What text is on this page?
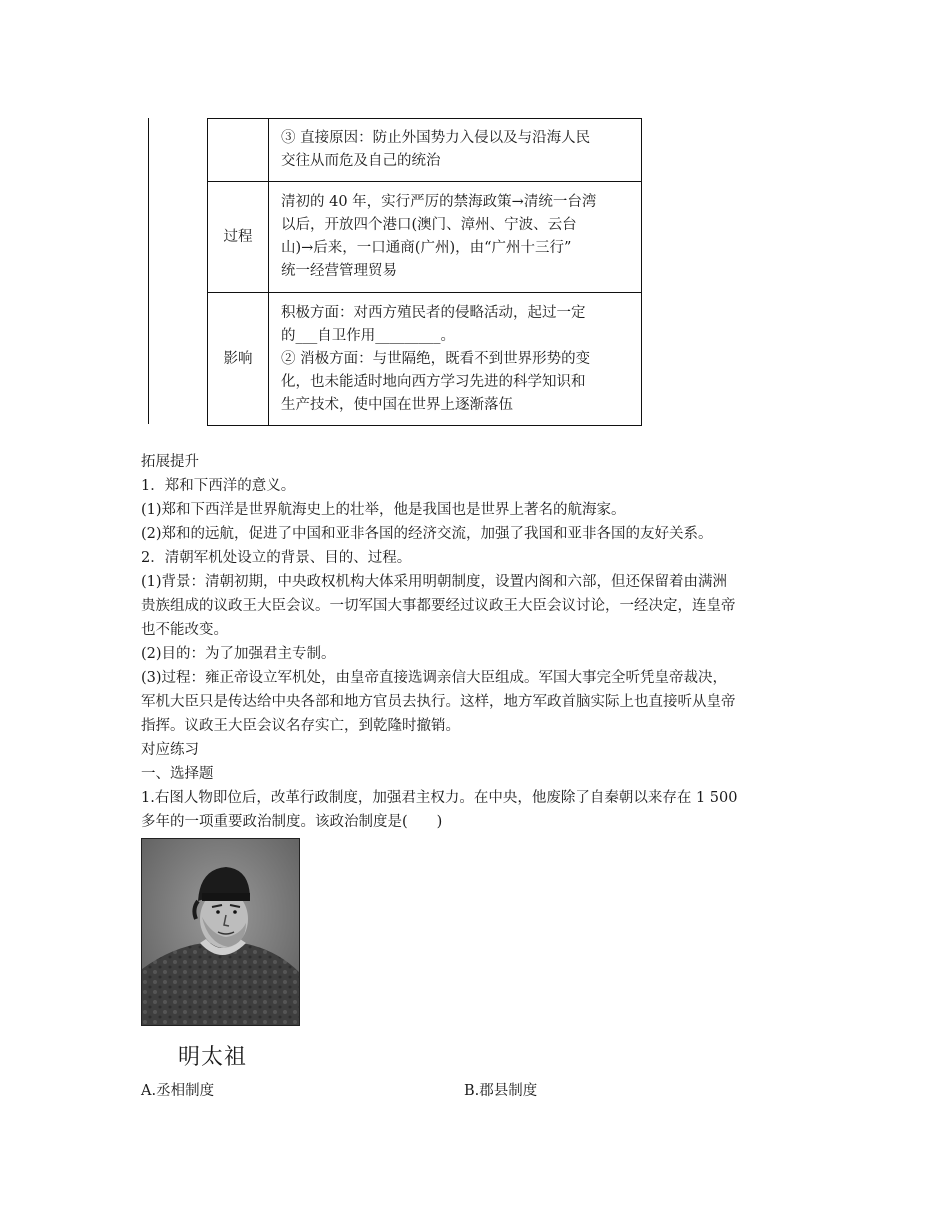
	③ 直接原因：防止外国势力入侵以及与沿海人民
交往从而危及自己的统治

过程	清初的 40 年，实行严厉的禁海政策→清统一台湾
以后，开放四个港口(澳门、漳州、宁波、云台
山)→后来，一口通商(广州)，由“广州十三行”
统一经营管理贸易

影响	积极方面：对西方殖民者的侵略活动，起过一定
的___自卫作用_________。
② 消极方面：与世隔绝，既看不到世界形势的变
化，也未能适时地向西方学习先进的科学知识和
生产技术，使中国在世界上逐渐落伍

拓展提升

1．郑和下西洋的意义。

(1)郑和下西洋是世界航海史上的壮举，他是我国也是世界上著名的航海家。

(2)郑和的远航，促进了中国和亚非各国的经济交流，加强了我国和亚非各国的友好关系。

2．清朝军机处设立的背景、目的、过程。

(1)背景：清朝初期，中央政权机构大体采用明朝制度，设置内阁和六部，但还保留着由满洲

贵族组成的议政王大臣会议。一切军国大事都要经过议政王大臣会议讨论，一经决定，连皇帝

也不能改变。

(2)目的：为了加强君主专制。

(3)过程：雍正帝设立军机处，由皇帝直接选调亲信大臣组成。军国大事完全听凭皇帝裁决，

军机大臣只是传达给中央各部和地方官员去执行。这样，地方军政首脑实际上也直接听从皇帝

指挥。议政王大臣会议名存实亡，到乾隆时撤销。

对应练习

一、选择题

1.右图人物即位后，改革行政制度，加强君主权力。在中央，他废除了自秦朝以来存在 1 500

多年的一项重要政治制度。该政治制度是(　　)

明太祖
A.丞相制度	B.郡县制度
